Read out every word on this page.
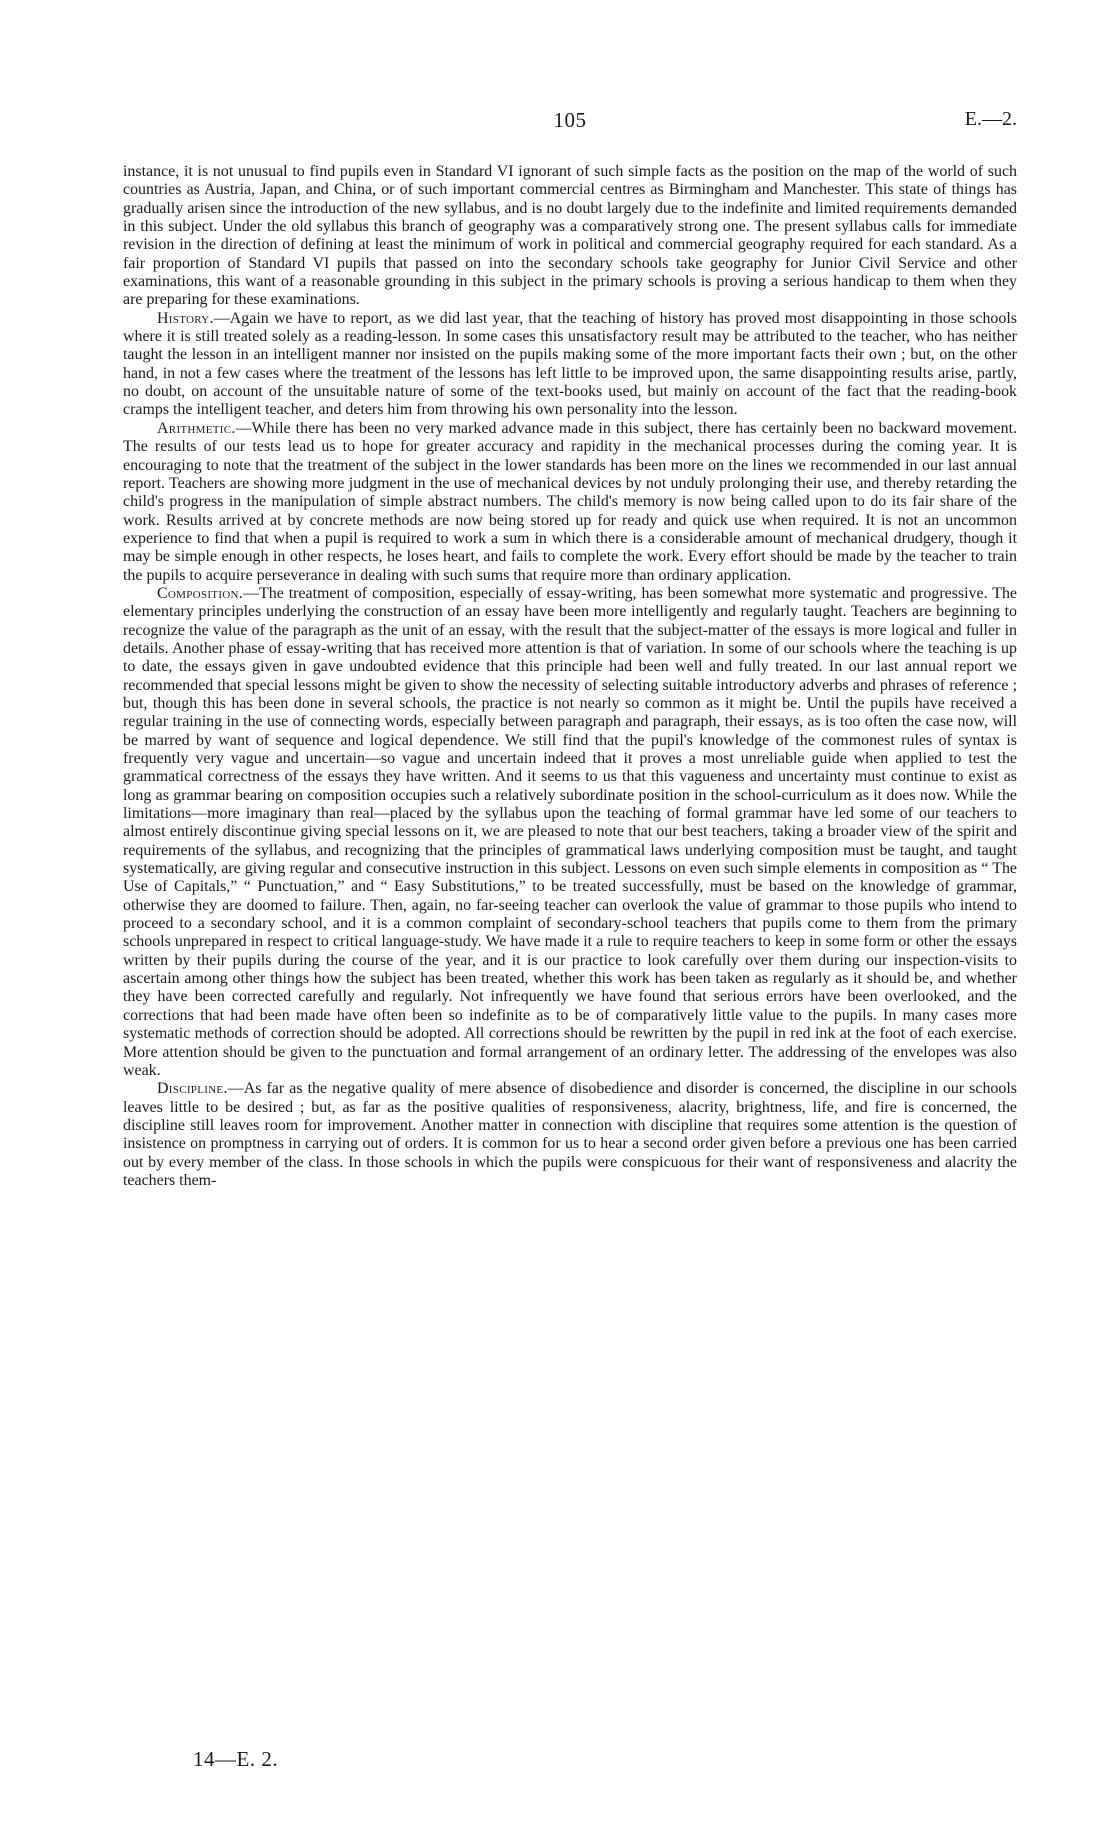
105	E.—2.

instance, it is not unusual to find pupils even in Standard VI ignorant of such simple facts as the position on the map of the world of such countries as Austria, Japan, and China, or of such important commercial centres as Birmingham and Manchester. This state of things has gradually arisen since the introduction of the new syllabus, and is no doubt largely due to the indefinite and limited requirements demanded in this subject. Under the old syllabus this branch of geography was a comparatively strong one. The present syllabus calls for immediate revision in the direction of defining at least the minimum of work in political and commercial geography required for each standard. As a fair proportion of Standard VI pupils that passed on into the secondary schools take geography for Junior Civil Service and other examinations, this want of a reasonable grounding in this subject in the primary schools is proving a serious handicap to them when they are preparing for these examinations.

History.—Again we have to report, as we did last year, that the teaching of history has proved most disappointing in those schools where it is still treated solely as a reading-lesson. In some cases this unsatisfactory result may be attributed to the teacher, who has neither taught the lesson in an intelligent manner nor insisted on the pupils making some of the more important facts their own ; but, on the other hand, in not a few cases where the treatment of the lessons has left little to be improved upon, the same disappointing results arise, partly, no doubt, on account of the unsuitable nature of some of the text-books used, but mainly on account of the fact that the reading-book cramps the intelligent teacher, and deters him from throwing his own personality into the lesson.

Arithmetic.—While there has been no very marked advance made in this subject, there has certainly been no backward movement. The results of our tests lead us to hope for greater accuracy and rapidity in the mechanical processes during the coming year. It is encouraging to note that the treatment of the subject in the lower standards has been more on the lines we recommended in our last annual report. Teachers are showing more judgment in the use of mechanical devices by not unduly prolonging their use, and thereby retarding the child's progress in the manipulation of simple abstract numbers. The child's memory is now being called upon to do its fair share of the work. Results arrived at by concrete methods are now being stored up for ready and quick use when required. It is not an uncommon experience to find that when a pupil is required to work a sum in which there is a considerable amount of mechanical drudgery, though it may be simple enough in other respects, he loses heart, and fails to complete the work. Every effort should be made by the teacher to train the pupils to acquire perseverance in dealing with such sums that require more than ordinary application.

Composition.—The treatment of composition, especially of essay-writing, has been somewhat more systematic and progressive. The elementary principles underlying the construction of an essay have been more intelligently and regularly taught. Teachers are beginning to recognize the value of the paragraph as the unit of an essay, with the result that the subject-matter of the essays is more logical and fuller in details. Another phase of essay-writing that has received more attention is that of variation. In some of our schools where the teaching is up to date, the essays given in gave undoubted evidence that this principle had been well and fully treated. In our last annual report we recommended that special lessons might be given to show the necessity of selecting suitable introductory adverbs and phrases of reference ; but, though this has been done in several schools, the practice is not nearly so common as it might be. Until the pupils have received a regular training in the use of connecting words, especially between paragraph and paragraph, their essays, as is too often the case now, will be marred by want of sequence and logical dependence. We still find that the pupil's knowledge of the commonest rules of syntax is frequently very vague and uncertain—so vague and uncertain indeed that it proves a most unreliable guide when applied to test the grammatical correctness of the essays they have written. And it seems to us that this vagueness and uncertainty must continue to exist as long as grammar bearing on composition occupies such a relatively subordinate position in the school-curriculum as it does now. While the limitations—more imaginary than real—placed by the syllabus upon the teaching of formal grammar have led some of our teachers to almost entirely discontinue giving special lessons on it, we are pleased to note that our best teachers, taking a broader view of the spirit and requirements of the syllabus, and recognizing that the principles of grammatical laws underlying composition must be taught, and taught systematically, are giving regular and consecutive instruction in this subject. Lessons on even such simple elements in composition as “ The Use of Capitals,” “ Punctuation,” and “ Easy Substitutions,” to be treated successfully, must be based on the knowledge of grammar, otherwise they are doomed to failure. Then, again, no far-seeing teacher can overlook the value of grammar to those pupils who intend to proceed to a secondary school, and it is a common complaint of secondary-school teachers that pupils come to them from the primary schools unprepared in respect to critical language-study. We have made it a rule to require teachers to keep in some form or other the essays written by their pupils during the course of the year, and it is our practice to look carefully over them during our inspection-visits to ascertain among other things how the subject has been treated, whether this work has been taken as regularly as it should be, and whether they have been corrected carefully and regularly. Not infrequently we have found that serious errors have been overlooked, and the corrections that had been made have often been so indefinite as to be of comparatively little value to the pupils. In many cases more systematic methods of correction should be adopted. All corrections should be rewritten by the pupil in red ink at the foot of each exercise. More attention should be given to the punctuation and formal arrangement of an ordinary letter. The addressing of the envelopes was also weak.

Discipline.—As far as the negative quality of mere absence of disobedience and disorder is concerned, the discipline in our schools leaves little to be desired ; but, as far as the positive qualities of responsiveness, alacrity, brightness, life, and fire is concerned, the discipline still leaves room for improvement. Another matter in connection with discipline that requires some attention is the question of insistence on promptness in carrying out of orders. It is common for us to hear a second order given before a previous one has been carried out by every member of the class. In those schools in which the pupils were conspicuous for their want of responsiveness and alacrity the teachers them-

14—E. 2.
